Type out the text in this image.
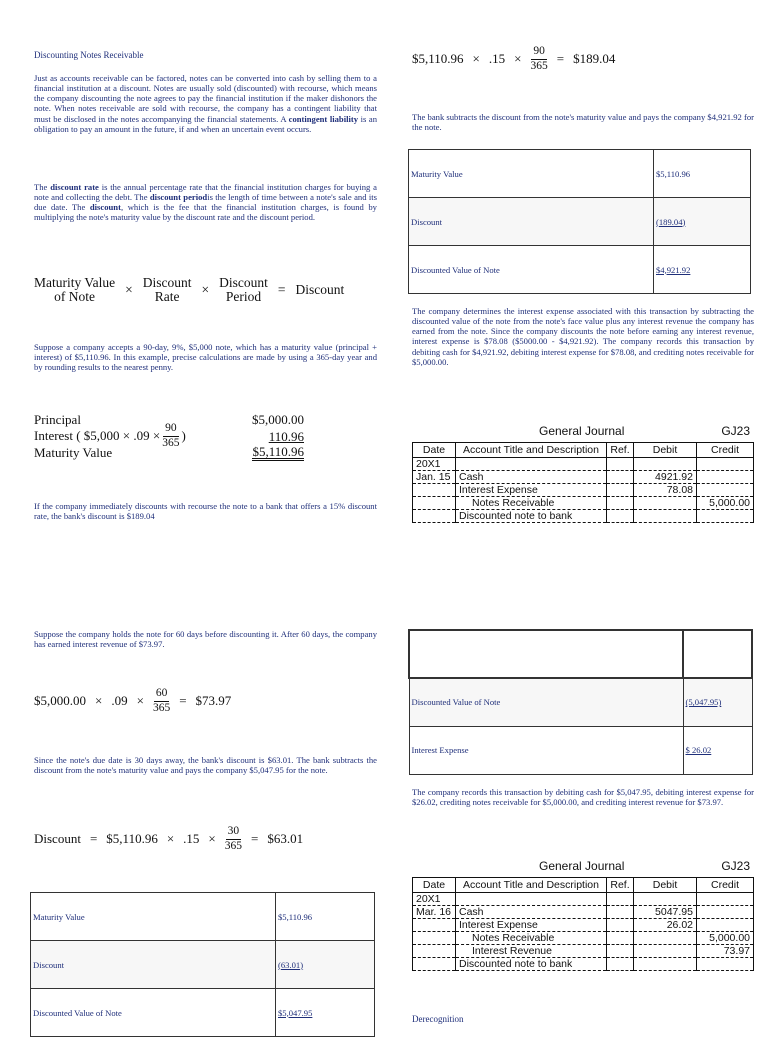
Discounting Notes Receivable
Just as accounts receivable can be factored, notes can be converted into cash by selling them to a financial institution at a discount. Notes are usually sold (discounted) with recourse, which means the company discounting the note agrees to pay the financial institution if the maker dishonors the note. When notes receivable are sold with recourse, the company has a contingent liability that must be disclosed in the notes accompanying the financial statements. A contingent liability is an obligation to pay an amount in the future, if and when an uncertain event occurs.
The discount rate is the annual percentage rate that the financial institution charges for buying a note and collecting the debt. The discount periodis the length of time between a note's sale and its due date. The discount, which is the fee that the financial institution charges, is found by multiplying the note's maturity value by the discount rate and the discount period.
Maturity Value
of Note × Discount
Rate × Discount
Period = Discount
Suppose a company accepts a 90-day, 9%, $5,000 note, which has a maturity value (principal + interest) of $5,110.96. In this example, precise calculations are made by using a 365-day year and by rounding results to the nearest penny.
Principal	$5,000.00
Interest ( $5,000 × $.09 \times \frac{90}{365}$ )	110.96
Maturity Value	$5,110.96
If the company immediately discounts with recourse the note to a bank that offers a 15% discount rate, the bank's discount is $189.04
$5,110.96 × $.15 \times \frac{90}{365}$ = $189.04
The bank subtracts the discount from the note's maturity value and pays the company $4,921.92 for the note.
Maturity Value	$5,110.96
Discount	(189.04)
Discounted Value of Note	$4,921.92
The company determines the interest expense associated with this transaction by subtracting the discounted value of the note from the note's face value plus any interest revenue the company has earned from the note. Since the company discounts the note before earning any interest revenue, interest expense is $78.08 ($5000.00 - $4,921.92). The company records this transaction by debiting cash for $4,921.92, debiting interest expense for $78.08, and crediting notes receivable for $5,000.00.
General Journal	GJ23
Date	Account Title and Description	Ref.	Debit	Credit
20X1				
Jan. 15	Cash		4921.92	
	Interest Expense		78.08	
	Notes Receivable			5,000.00
	Discounted note to bank			
Suppose the company holds the note for 60 days before discounting it. After 60 days, the company has earned interest revenue of $73.97.
$5,000.00 × $.09 \times \frac{60}{365}$ = $73.97
Since the note's due date is 30 days away, the bank's discount is $63.01. The bank subtracts the discount from the note's maturity value and pays the company $5,047.95 for the note.
Discount = $5,110.96 × $.15 \times \frac{30}{365}$ = $63.01
Maturity Value	$5,110.96
Discount	(63.01)
Discounted Value of Note	$5,047.95

Discounted Value of Note	(5,047.95)
Interest Expense	$ 26.02
The company records this transaction by debiting cash for $5,047.95, debiting interest expense for $26.02, crediting notes receivable for $5,000.00, and crediting interest revenue for $73.97.
General Journal	GJ23
Date	Account Title and Description	Ref.	Debit	Credit
20X1				
Mar. 16	Cash		5047.95	
	Interest Expense		26.02	
	Notes Receivable			5,000.00
	Interest Revenue			73.97
	Discounted note to bank			
Derecognition
